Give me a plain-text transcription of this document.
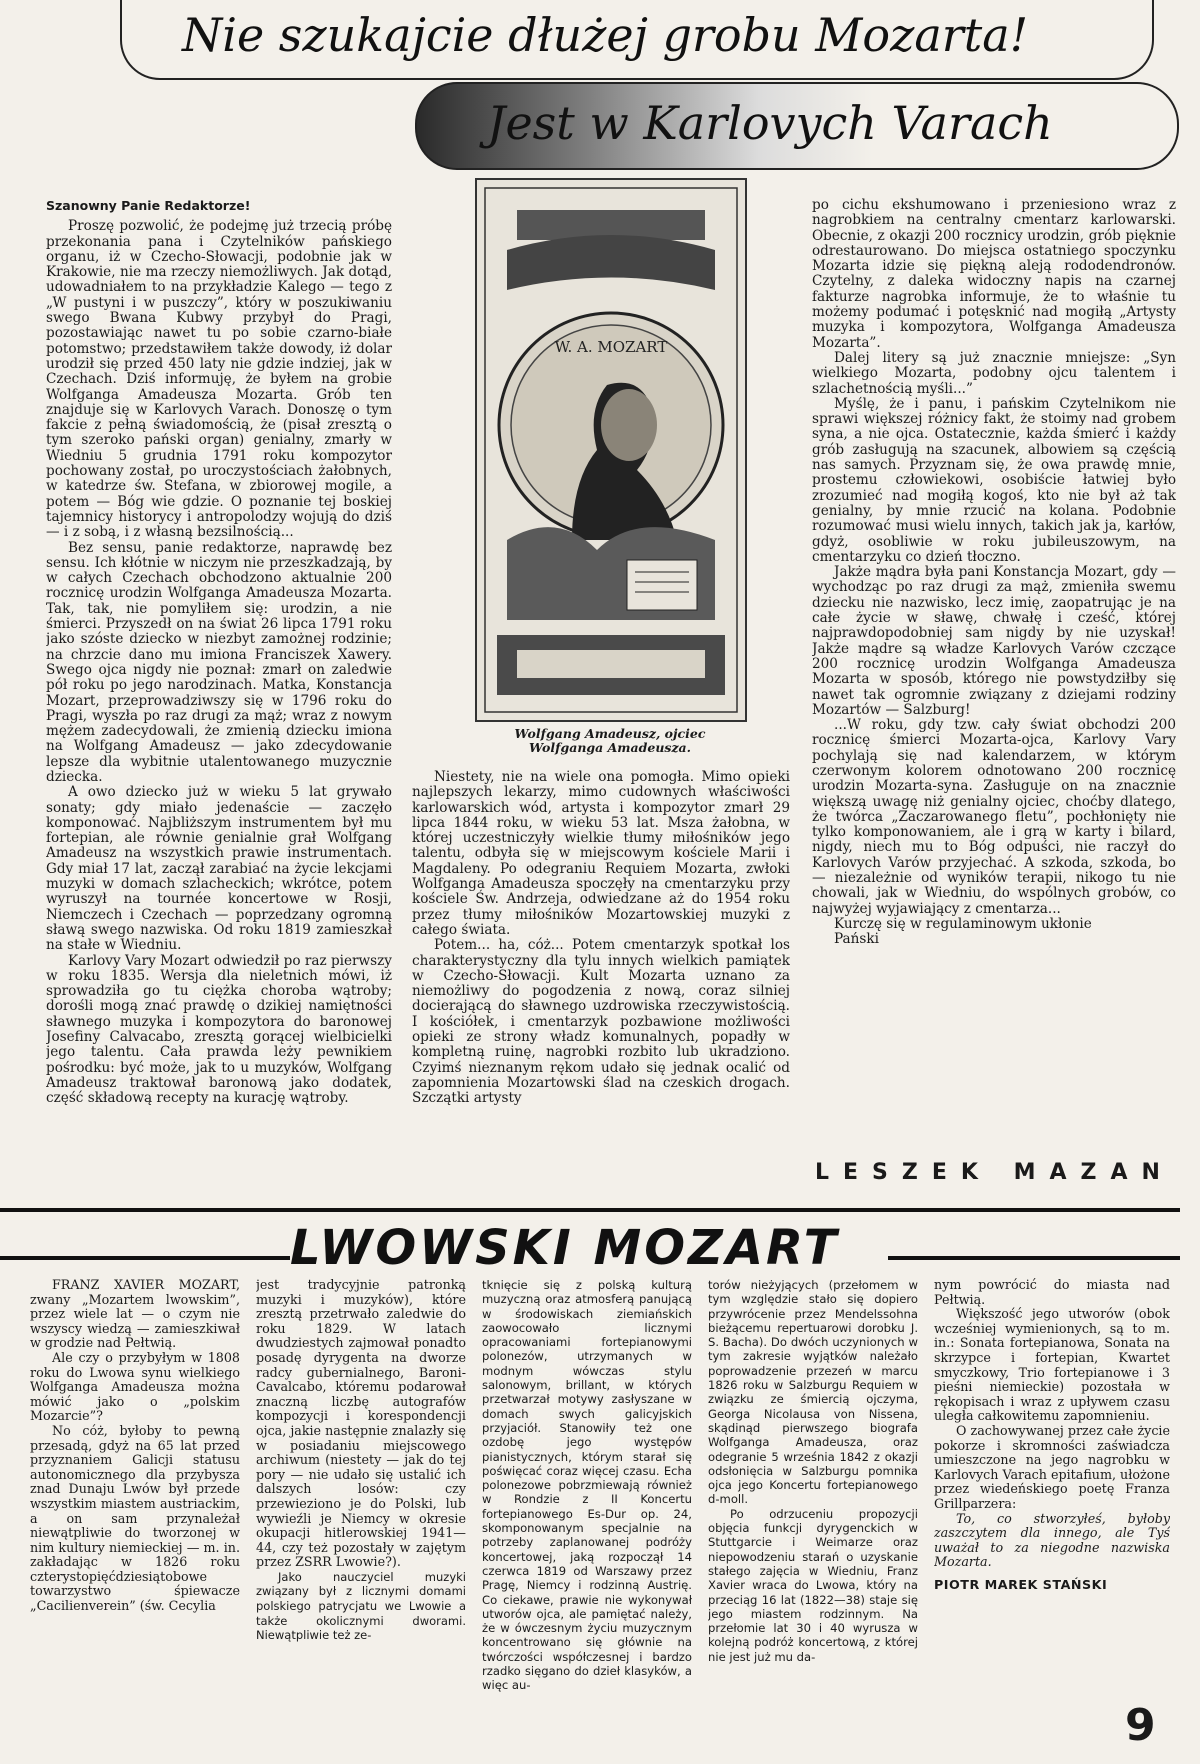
Nie szukajcie dłużej grobu Mozarta!
Jest w Karlovych Varach

Szanowny Panie Redaktorze!

Proszę pozwolić, że podejmę już trzecią próbę przekonania pana i Czytelników pańskiego organu, iż w Czecho-Słowacji, podobnie jak w Krakowie, nie ma rzeczy niemożliwych. Jak dotąd, udowadniałem to na przykładzie Kalego — tego z „W pustyni i w puszczy”, który w poszukiwaniu swego Bwana Kubwy przybył do Pragi, pozostawiając nawet tu po sobie czarno-białe potomstwo; przedstawiłem także dowody, iż dolar urodził się przed 450 laty nie gdzie indziej, jak w Czechach. Dziś informuję, że byłem na grobie Wolfganga Amadeusza Mozarta. Grób ten znajduje się w Karlovych Varach. Donoszę o tym fakcie z pełną świadomością, że (pisał zresztą o tym szeroko pański organ) genialny, zmarły w Wiedniu 5 grudnia 1791 roku kompozytor pochowany został, po uroczystościach żałobnych, w katedrze św. Stefana, w zbiorowej mogile, a potem — Bóg wie gdzie. O poznanie tej boskiej tajemnicy historycy i antropolodzy wojują do dziś — i z sobą, i z własną bezsilnością...

Bez sensu, panie redaktorze, naprawdę bez sensu. Ich kłótnie w niczym nie przeszkadzają, by w całych Czechach obchodzono aktualnie 200 rocznicę urodzin Wolfganga Amadeusza Mozarta. Tak, tak, nie pomyliłem się: urodzin, a nie śmierci. Przyszedł on na świat 26 lipca 1791 roku jako szóste dziecko w niezbyt zamożnej rodzinie; na chrzcie dano mu imiona Franciszek Xawery. Swego ojca nigdy nie poznał: zmarł on zaledwie pół roku po jego narodzinach. Matka, Konstancja Mozart, przeprowadziwszy się w 1796 roku do Pragi, wyszła po raz drugi za mąż; wraz z nowym mężem zadecydowali, że zmienią dziecku imiona na Wolfgang Amadeusz — jako zdecydowanie lepsze dla wybitnie utalentowanego muzycznie dziecka.

A owo dziecko już w wieku 5 lat grywało sonaty; gdy miało jedenaście — zaczęło komponować. Najbliższym instrumentem był mu fortepian, ale równie genialnie grał Wolfgang Amadeusz na wszystkich prawie instrumentach. Gdy miał 17 lat, zaczął zarabiać na życie lekcjami muzyki w domach szlacheckich; wkrótce, potem wyruszył na tournée koncertowe w Rosji, Niemczech i Czechach — poprzedzany ogromną sławą swego nazwiska. Od roku 1819 zamieszkał na stałe w Wiedniu.

Karlovy Vary Mozart odwiedził po raz pierwszy w roku 1835. Wersja dla nieletnich mówi, iż sprowadziła go tu ciężka choroba wątroby; dorośli mogą znać prawdę o dzikiej namiętności sławnego muzyka i kompozytora do baronowej Josefiny Calvacabo, zresztą gorącej wielbicielki jego talentu. Cała prawda leży pewnikiem pośrodku: być może, jak to u muzyków, Wolfgang Amadeusz traktował baronową jako dodatek, część składową recepty na kurację wątroby.

W. A. MOZART
Wolfgang Amadeusz, ojciec Wolfganga Amadeusza.

Niestety, nie na wiele ona pomogła. Mimo opieki najlepszych lekarzy, mimo cudownych właściwości karlowarskich wód, artysta i kompozytor zmarł 29 lipca 1844 roku, w wieku 53 lat. Msza żałobna, w której uczestniczyły wielkie tłumy miłośników jego talentu, odbyła się w miejscowym kościele Marii i Magdaleny. Po odegraniu Requiem Mozarta, zwłoki Wolfganga Amadeusza spoczęły na cmentarzyku przy kościele Św. Andrzeja, odwiedzane aż do 1954 roku przez tłumy miłośników Mozartowskiej muzyki z całego świata.

Potem... ha, cóż... Potem cmentarzyk spotkał los charakterystyczny dla tylu innych wielkich pamiątek w Czecho-Słowacji. Kult Mozarta uznano za niemożliwy do pogodzenia z nową, coraz silniej docierającą do sławnego uzdrowiska rzeczywistością. I kościółek, i cmentarzyk pozbawione możliwości opieki ze strony władz komunalnych, popadły w kompletną ruinę, nagrobki rozbito lub ukradziono. Czyimś nieznanym rękom udało się jednak ocalić od zapomnienia Mozartowski ślad na czeskich drogach. Szczątki artysty

po cichu ekshumowano i przeniesiono wraz z nagrobkiem na centralny cmentarz karlowarski. Obecnie, z okazji 200 rocznicy urodzin, grób pięknie odrestaurowano. Do miejsca ostatniego spoczynku Mozarta idzie się piękną aleją rododendronów. Czytelny, z daleka widoczny napis na czarnej fakturze nagrobka informuje, że to właśnie tu możemy podumać i potęsknić nad mogiłą „Artysty muzyka i kompozytora, Wolfganga Amadeusza Mozarta”.

Dalej litery są już znacznie mniejsze: „Syn wielkiego Mozarta, podobny ojcu talentem i szlachetnością myśli...”

Myślę, że i panu, i pańskim Czytelnikom nie sprawi większej różnicy fakt, że stoimy nad grobem syna, a nie ojca. Ostatecznie, każda śmierć i każdy grób zasługują na szacunek, albowiem są częścią nas samych. Przyznam się, że owa prawdę mnie, prostemu człowiekowi, osobiście łatwiej było zrozumieć nad mogiłą kogoś, kto nie był aż tak genialny, by mnie rzucić na kolana. Podobnie rozumować musi wielu innych, takich jak ja, karłów, gdyż, osobliwie w roku jubileuszowym, na cmentarzyku co dzień tłoczno.

Jakże mądra była pani Konstancja Mozart, gdy — wychodząc po raz drugi za mąż, zmieniła swemu dziecku nie nazwisko, lecz imię, zaopatrując je na całe życie w sławę, chwałę i cześć, której najprawdopodobniej sam nigdy by nie uzyskał! Jakże mądre są władze Karlovych Varów czczące 200 rocznicę urodzin Wolfganga Amadeusza Mozarta w sposób, którego nie powstydziłby się nawet tak ogromnie związany z dziejami rodziny Mozartów — Salzburg!

...W roku, gdy tzw. cały świat obchodzi 200 rocznicę śmierci Mozarta-ojca, Karlovy Vary pochylają się nad kalendarzem, w którym czerwonym kolorem odnotowano 200 rocznicę urodzin Mozarta-syna. Zasługuje on na znacznie większą uwagę niż genialny ojciec, choćby dlatego, że twórca „Zaczarowanego fletu”, pochłonięty nie tylko komponowaniem, ale i grą w karty i bilard, nigdy, niech mu to Bóg odpuści, nie raczył do Karlovych Varów przyjechać. A szkoda, szkoda, bo — niezależnie od wyników terapii, nikogo tu nie chowali, jak w Wiedniu, do wspólnych grobów, co najwyżej wyjawiający z cmentarza...

Kurczę się w regulaminowym ukłonie

Pański

LESZEK MAZAN
LWOWSKI MOZART

FRANZ XAVIER MOZART, zwany „Mozartem lwowskim”, przez wiele lat — o czym nie wszyscy wiedzą — zamieszkiwał w grodzie nad Pełtwią.

Ale czy o przybyłym w 1808 roku do Lwowa synu wielkiego Wolfganga Amadeusza można mówić jako o „polskim Mozarcie”?

No cóż, byłoby to pewną przesadą, gdyż na 65 lat przed przyznaniem Galicji statusu autonomicznego dla przybysza znad Dunaju Lwów był przede wszystkim miastem austriackim, a on sam przynależał niewątpliwie do tworzonej w nim kultury niemieckiej — m. in. zakładając w 1826 roku czterystopięćdziesiątobowe towarzystwo śpiewacze „Cacilienverein” (św. Cecylia

jest tradycyjnie patronką muzyki i muzyków), które zresztą przetrwało zaledwie do roku 1829. W latach dwudziestych zajmował ponadto posadę dyrygenta na dworze radcy gubernialnego, Baroni-Cavalcabo, któremu podarował znaczną liczbę autografów kompozycji i korespondencji ojca, jakie następnie znalazły się w posiadaniu miejscowego archiwum (niestety — jak do tej pory — nie udało się ustalić ich dalszych losów: czy przewieziono je do Polski, lub wywieźli je Niemcy w okresie okupacji hitlerowskiej 1941—44, czy też pozostały w zajętym przez ZSRR Lwowie?).

Jako nauczyciel muzyki związany był z licznymi domami polskiego patrycjatu we Lwowie a także okolicznymi dworami. Niewątpliwie też ze-

tknięcie się z polską kulturą muzyczną oraz atmosferą panującą w środowiskach ziemiańskich zaowocowało licznymi opracowaniami fortepianowymi polonezów, utrzymanych w modnym wówczas stylu salonowym, brillant, w których przetwarzał motywy zasłyszane w domach swych galicyjskich przyjaciół. Stanowiły też one ozdobę jego występów pianistycznych, którym starał się poświęcać coraz więcej czasu. Echa polonezowe pobrzmiewają również w Rondzie z II Koncertu fortepianowego Es-Dur op. 24, skomponowanym specjalnie na potrzeby zaplanowanej podróży koncertowej, jaką rozpoczął 14 czerwca 1819 od Warszawy przez Pragę, Niemcy i rodzinną Austrię. Co ciekawe, prawie nie wykonywał utworów ojca, ale pamiętać należy, że w ówczesnym życiu muzycznym koncentrowano się głównie na twórczości współczesnej i bardzo rzadko sięgano do dzieł klasyków, a więc au-

torów nieżyjących (przełomem w tym względzie stało się dopiero przywrócenie przez Mendelssohna bieżącemu repertuarowi dorobku J. S. Bacha). Do dwóch uczynionych w tym zakresie wyjątków należało poprowadzenie przezeń w marcu 1826 roku w Salzburgu Requiem w związku ze śmiercią ojczyma, Georga Nicolausa von Nissena, skądinąd pierwszego biografa Wolfganga Amadeusza, oraz odegranie 5 września 1842 z okazji odsłonięcia w Salzburgu pomnika ojca jego Koncertu fortepianowego d-moll.

Po odrzuceniu propozycji objęcia funkcji dyrygenckich w Stuttgarcie i Weimarze oraz niepowodzeniu starań o uzyskanie stałego zajęcia w Wiedniu, Franz Xavier wraca do Lwowa, który na przeciąg 16 lat (1822—38) staje się jego miastem rodzinnym. Na przełomie lat 30 i 40 wyrusza w kolejną podróż koncertową, z której nie jest już mu da-

nym powrócić do miasta nad Pełtwią.

Większość jego utworów (obok wcześniej wymienionych, są to m. in.: Sonata fortepianowa, Sonata na skrzypce i fortepian, Kwartet smyczkowy, Trio fortepianowe i 3 pieśni niemieckie) pozostała w rękopisach i wraz z upływem czasu uległa całkowitemu zapomnieniu.

O zachowywanej przez całe życie pokorze i skromności zaświadcza umieszczone na jego nagrobku w Karlovych Varach epitafium, ułożone przez wiedeńskiego poetę Franza Grillparzera:

To, co stworzyłeś, byłoby zaszczytem dla innego, ale Tyś uważał to za niegodne nazwiska Mozarta.

PIOTR MAREK STAŃSKI

9
